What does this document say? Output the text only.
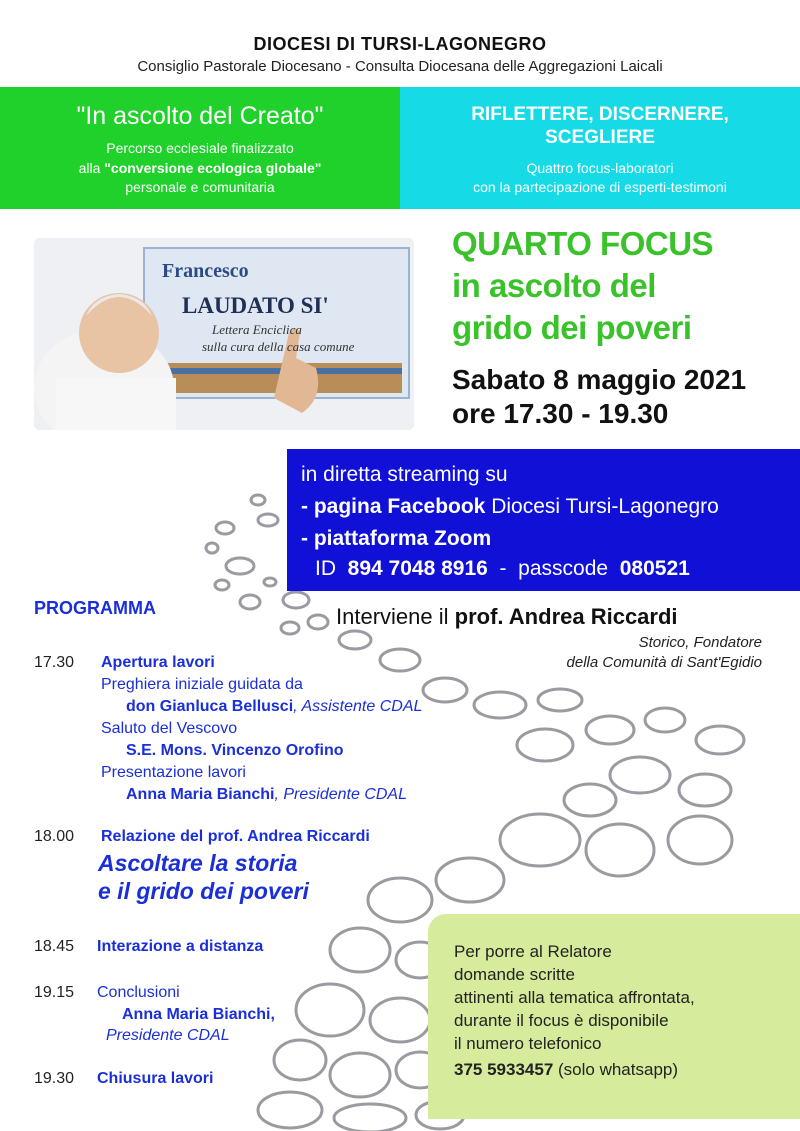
DIOCESI DI TURSI-LAGONEGRO
Consiglio Pastorale Diocesano - Consulta Diocesana delle Aggregazioni Laicali
"In ascolto del Creato"
Percorso ecclesiale finalizzato
alla "conversione ecologica globale"
personale e comunitaria
RIFLETTERE, DISCERNERE,
SCEGLIERE
Quattro focus-laboratori
con la partecipazione di esperti-testimoni
Francesco
LAUDATO SI'
Lettera Enciclica
sulla cura della casa comune
QUARTO FOCUS
in ascolto del
grido dei poveri
Sabato 8 maggio 2021
ore 17.30 - 19.30
in diretta streaming su
- pagina Facebook Diocesi Tursi-Lagonegro
- piattaforma Zoom
ID 894 7048 8916 - passcode 080521
Interviene il prof. Andrea Riccardi
Storico, Fondatore
della Comunità di Sant'Egidio
PROGRAMMA
17.30 Apertura lavori
Preghiera iniziale guidata da
don Gianluca Bellusci, Assistente CDAL
Saluto del Vescovo
S.E. Mons. Vincenzo Orofino
Presentazione lavori
Anna Maria Bianchi, Presidente CDAL
18.00 Relazione del prof. Andrea Riccardi
Ascoltare la storia
e il grido dei poveri
18.45 Interazione a distanza
19.15 Conclusioni
Anna Maria Bianchi,
Presidente CDAL
19.30 Chiusura lavori
Per porre al Relatore
domande scritte
attinenti alla tematica affrontata,
durante il focus è disponibile
il numero telefonico
375 5933457 (solo whatsapp)
